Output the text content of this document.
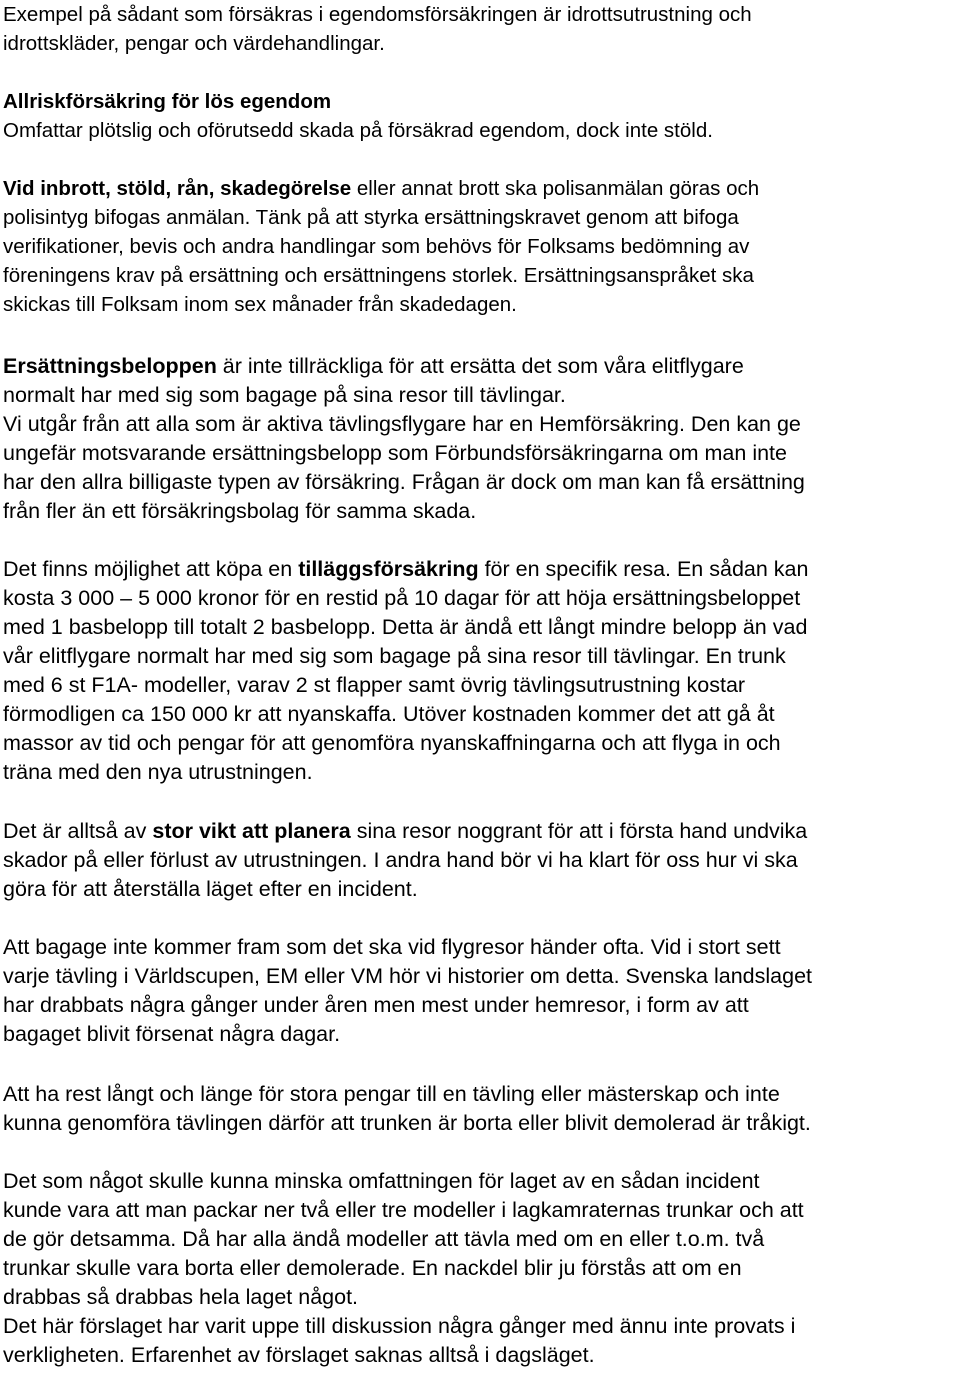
Exempel på sådant som försäkras i egendomsförsäkringen är idrottsutrustning och

idrottskläder, pengar och värdehandlingar.

Allriskförsäkring för lös egendom

Omfattar plötslig och oförutsedd skada på försäkrad egendom, dock inte stöld.

Vid inbrott, stöld, rån, skadegörelse eller annat brott ska polisanmälan göras och

polisintyg bifogas anmälan. Tänk på att styrka ersättningskravet genom att bifoga

verifikationer, bevis och andra handlingar som behövs för Folksams bedömning av

föreningens krav på ersättning och ersättningens storlek. Ersättningsanspråket ska

skickas till Folksam inom sex månader från skadedagen.

Ersättningsbeloppen är inte tillräckliga för att ersätta det som våra elitflygare

normalt har med sig som bagage på sina resor till tävlingar.

Vi utgår från att alla som är aktiva tävlingsflygare har en Hemförsäkring. Den kan ge

ungefär motsvarande ersättningsbelopp som Förbundsförsäkringarna om man inte

har den allra billigaste typen av försäkring. Frågan är dock om man kan få ersättning

från fler än ett försäkringsbolag för samma skada.

Det finns möjlighet att köpa en tilläggsförsäkring för en specifik resa. En sådan kan

kosta 3 000 – 5 000 kronor för en restid på 10 dagar för att höja ersättningsbeloppet

med 1 basbelopp till totalt 2 basbelopp. Detta är ändå ett långt mindre belopp än vad

vår elitflygare normalt har med sig som bagage på sina resor till tävlingar. En trunk

med 6 st F1A- modeller, varav 2 st flapper samt övrig tävlingsutrustning kostar

förmodligen ca 150 000 kr att nyanskaffa. Utöver kostnaden kommer det att gå åt

massor av tid och pengar för att genomföra nyanskaffningarna och att flyga in och

träna med den nya utrustningen.

Det är alltså av stor vikt att planera sina resor noggrant för att i första hand undvika

skador på eller förlust av utrustningen. I andra hand bör vi ha klart för oss hur vi ska

göra för att återställa läget efter en incident.

Att bagage inte kommer fram som det ska vid flygresor händer ofta. Vid i stort sett

varje tävling i Världscupen, EM eller VM hör vi historier om detta. Svenska landslaget

har drabbats några gånger under åren men mest under hemresor, i form av att

bagaget blivit försenat några dagar.

Att ha rest långt och länge för stora pengar till en tävling eller mästerskap och inte

kunna genomföra tävlingen därför att trunken är borta eller blivit demolerad är tråkigt.

Det som något skulle kunna minska omfattningen för laget av en sådan incident

kunde vara att man packar ner två eller tre modeller i lagkamraternas trunkar och att

de gör detsamma. Då har alla ändå modeller att tävla med om en eller t.o.m. två

trunkar skulle vara borta eller demolerade. En nackdel blir ju förstås att om en

drabbas så drabbas hela laget något.

Det här förslaget har varit uppe till diskussion några gånger med ännu inte provats i

verkligheten. Erfarenhet av förslaget saknas alltså i dagsläget.
